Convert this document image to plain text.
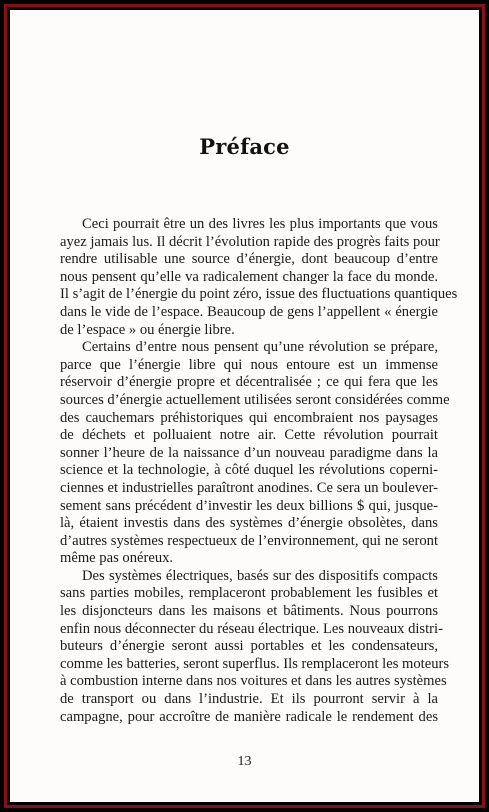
Préface
Ceci pourrait être un des livres les plus importants que vous
ayez jamais lus. Il décrit l’évolution rapide des progrès faits pour
rendre utilisable une source d’énergie, dont beaucoup d’entre
nous pensent qu’elle va radicalement changer la face du monde.
Il s’agit de l’énergie du point zéro, issue des fluctuations quantiques
dans le vide de l’espace. Beaucoup de gens l’appellent « énergie
de l’espace » ou énergie libre.
Certains d’entre nous pensent qu’une révolution se prépare,
parce que l’énergie libre qui nous entoure est un immense
réservoir d’énergie propre et décentralisée ; ce qui fera que les
sources d’énergie actuellement utilisées seront considérées comme
des cauchemars préhistoriques qui encombraient nos paysages
de déchets et polluaient notre air. Cette révolution pourrait
sonner l’heure de la naissance d’un nouveau paradigme dans la
science et la technologie, à côté duquel les révolutions coperni-
ciennes et industrielles paraîtront anodines. Ce sera un boulever-
sement sans précédent d’investir les deux billions $ qui, jusque-
là, étaient investis dans des systèmes d’énergie obsolètes, dans
d’autres systèmes respectueux de l’environnement, qui ne seront
même pas onéreux.
Des systèmes électriques, basés sur des dispositifs compacts
sans parties mobiles, remplaceront probablement les fusibles et
les disjoncteurs dans les maisons et bâtiments. Nous pourrons
enfin nous déconnecter du réseau électrique. Les nouveaux distri-
buteurs d’énergie seront aussi portables et les condensateurs,
comme les batteries, seront superflus. Ils remplaceront les moteurs
à combustion interne dans nos voitures et dans les autres systèmes
de transport ou dans l’industrie. Et ils pourront servir à la
campagne, pour accroître de manière radicale le rendement des
13
